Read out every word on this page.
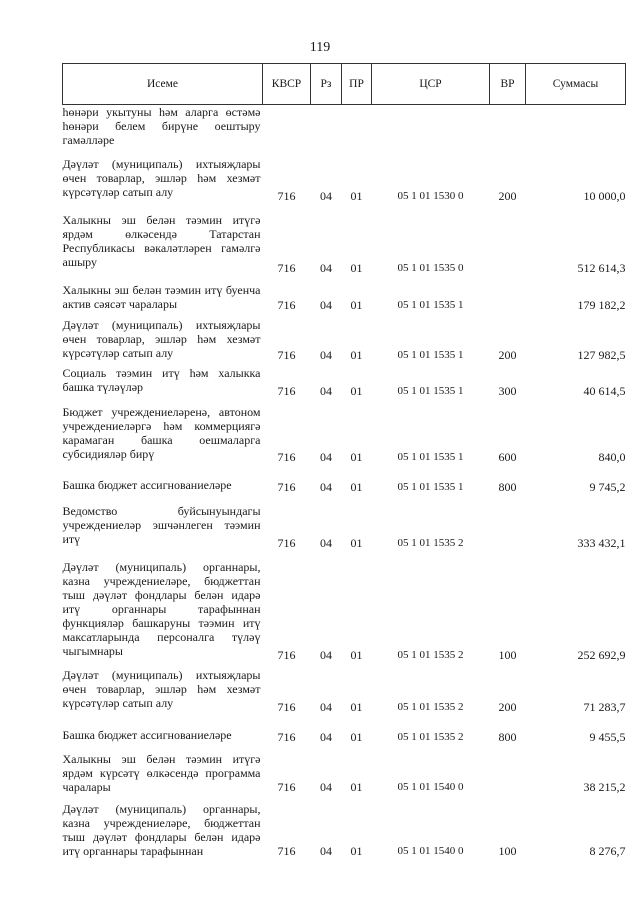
119
Исеме	КВСР	Рз	ПР	ЦСР	ВР	Суммасы
һөнәри укытуны һәм аларга өстәмә һөнәри белем бирүне оештыру гамәлләре						
Дәүләт (муниципаль) ихтыяҗлары өчен товарлар, эшләр һәм хезмәт күрсәтүләр сатып алу	716	04	01	05 1 01 1530 0	200	10 000,0
Халыкны эш белән тәэмин итүгә ярдәм өлкәсендә Татарстан Республикасы вәкаләтләрен гамәлгә ашыру	716	04	01	05 1 01 1535 0		512 614,3
Халыкны эш белән тәэмин итү буенча актив сәясәт чаралары	716	04	01	05 1 01 1535 1		179 182,2
Дәүләт (муниципаль) ихтыяҗлары өчен товарлар, эшләр һәм хезмәт күрсәтүләр сатып алу	716	04	01	05 1 01 1535 1	200	127 982,5
Социаль тәэмин итү һәм халыкка башка түләүләр	716	04	01	05 1 01 1535 1	300	40 614,5
Бюджет учреждениеләренә, автоном учреждениеләргә һәм коммерциягә карамаган башка оешмаларга субсидияләр бирү	716	04	01	05 1 01 1535 1	600	840,0
Башка бюджет ассигнованиеләре	716	04	01	05 1 01 1535 1	800	9 745,2
Ведомство буйсынуындагы учреждениеләр эшчәнлеген тәэмин итү	716	04	01	05 1 01 1535 2		333 432,1
Дәүләт (муниципаль) органнары, казна учреждениеләре, бюджеттан тыш дәүләт фондлары белән идарә итү органнары тарафыннан функцияләр башкаруны тәэмин итү максатларында персоналга түләү чыгымнары	716	04	01	05 1 01 1535 2	100	252 692,9
Дәүләт (муниципаль) ихтыяҗлары өчен товарлар, эшләр һәм хезмәт күрсәтүләр сатып алу	716	04	01	05 1 01 1535 2	200	71 283,7
Башка бюджет ассигнованиеләре	716	04	01	05 1 01 1535 2	800	9 455,5
Халыкны эш белән тәэмин итүгә ярдәм күрсәтү өлкәсендә программа чаралары	716	04	01	05 1 01 1540 0		38 215,2
Дәүләт (муниципаль) органнары, казна учреждениеләре, бюджеттан тыш дәүләт фондлары белән идарә итү органнары тарафыннан	716	04	01	05 1 01 1540 0	100	8 276,7
